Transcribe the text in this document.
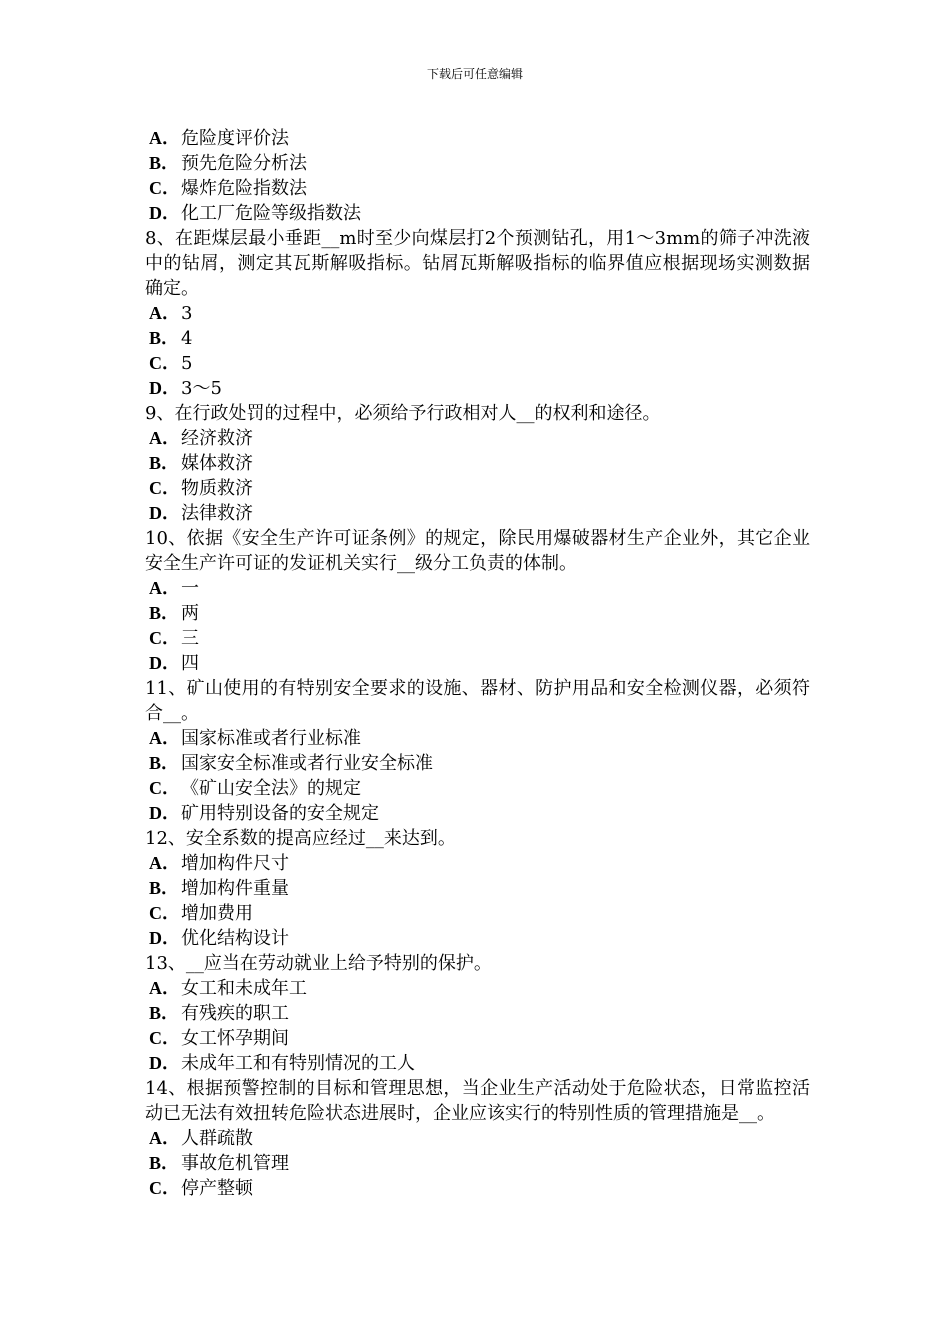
下载后可任意编辑
A．危险度评价法
B． 预先危险分析法
C．爆炸危险指数法
D．化工厂危险等级指数法
8、在距煤层最小垂距__m时至少向煤层打2个预测钻孔，用1～3mm的筛子冲洗液中的钻屑，测定其瓦斯解吸指标。钻屑瓦斯解吸指标的临界值应根据现场实测数据确定。
A．3
B． 4
C．5
D．3～5
9、在行政处罚的过程中，必须给予行政相对人__的权利和途径。
A．经济救济
B． 媒体救济
C．物质救济
D．法律救济
10、依据《安全生产许可证条例》的规定，除民用爆破器材生产企业外，其它企业安全生产许可证的发证机关实行__级分工负责的体制。
A．一
B． 两
C．三
D．四
11、矿山使用的有特别安全要求的设施、器材、防护用品和安全检测仪器，必须符合__。
A．国家标准或者行业标准
B． 国家安全标准或者行业安全标准
C．《矿山安全法》的规定
D．矿用特别设备的安全规定
12、安全系数的提高应经过__来达到。
A．增加构件尺寸
B． 增加构件重量
C．增加费用
D．优化结构设计
13、__应当在劳动就业上给予特别的保护。
A．女工和未成年工
B． 有残疾的职工
C．女工怀孕期间
D．未成年工和有特别情况的工人
14、根据预警控制的目标和管理思想，当企业生产活动处于危险状态，日常监控活动已无法有效扭转危险状态进展时，企业应该实行的特别性质的管理措施是__。
A．人群疏散
B． 事故危机管理
C．停产整顿
